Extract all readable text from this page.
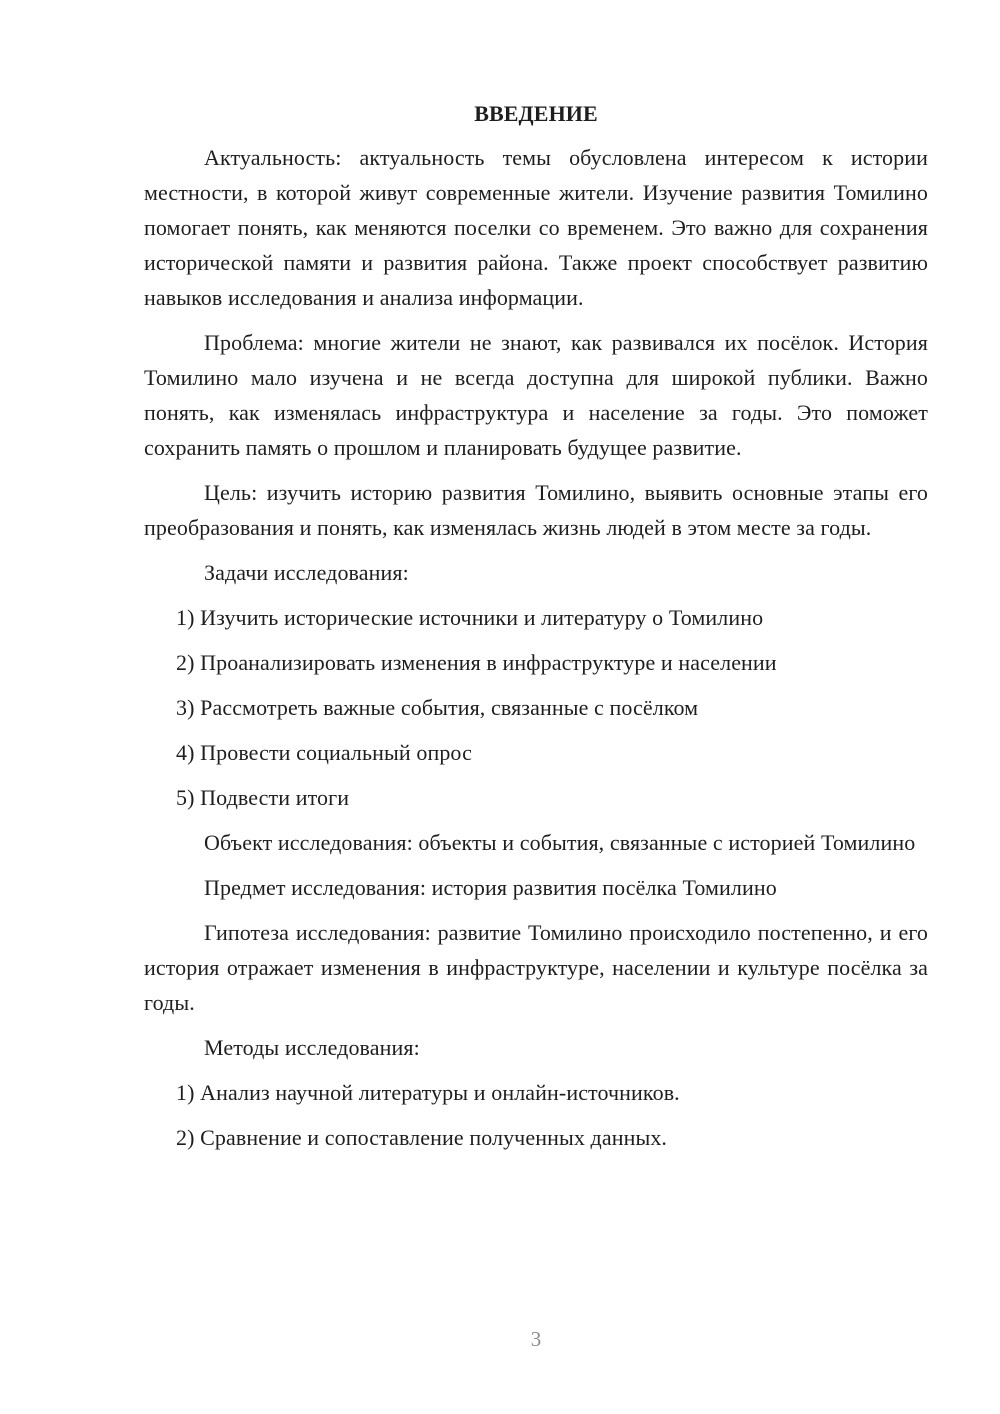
ВВЕДЕНИЕ

Актуальность: актуальность темы обусловлена интересом к истории местности, в которой живут современные жители. Изучение развития Томилино помогает понять, как меняются поселки со временем. Это важно для сохранения исторической памяти и развития района. Также проект способствует развитию навыков исследования и анализа информации.

Проблема: многие жители не знают, как развивался их посёлок. История Томилино мало изучена и не всегда доступна для широкой публики. Важно понять, как изменялась инфраструктура и население за годы. Это поможет сохранить память о прошлом и планировать будущее развитие.

Цель: изучить историю развития Томилино, выявить основные этапы его преобразования и понять, как изменялась жизнь людей в этом месте за годы.

Задачи исследования:

1) Изучить исторические источники и литературу о Томилино

2) Проанализировать изменения в инфраструктуре и населении

3) Рассмотреть важные события, связанные с посёлком

4) Провести социальный опрос

5) Подвести итоги

Объект исследования: объекты и события, связанные с историей Томилино

Предмет исследования: история развития посёлка Томилино

Гипотеза исследования: развитие Томилино происходило постепенно, и его история отражает изменения в инфраструктуре, населении и культуре посёлка за годы.

Методы исследования:

1) Анализ научной литературы и онлайн-источников.

2) Сравнение и сопоставление полученных данных.

3
